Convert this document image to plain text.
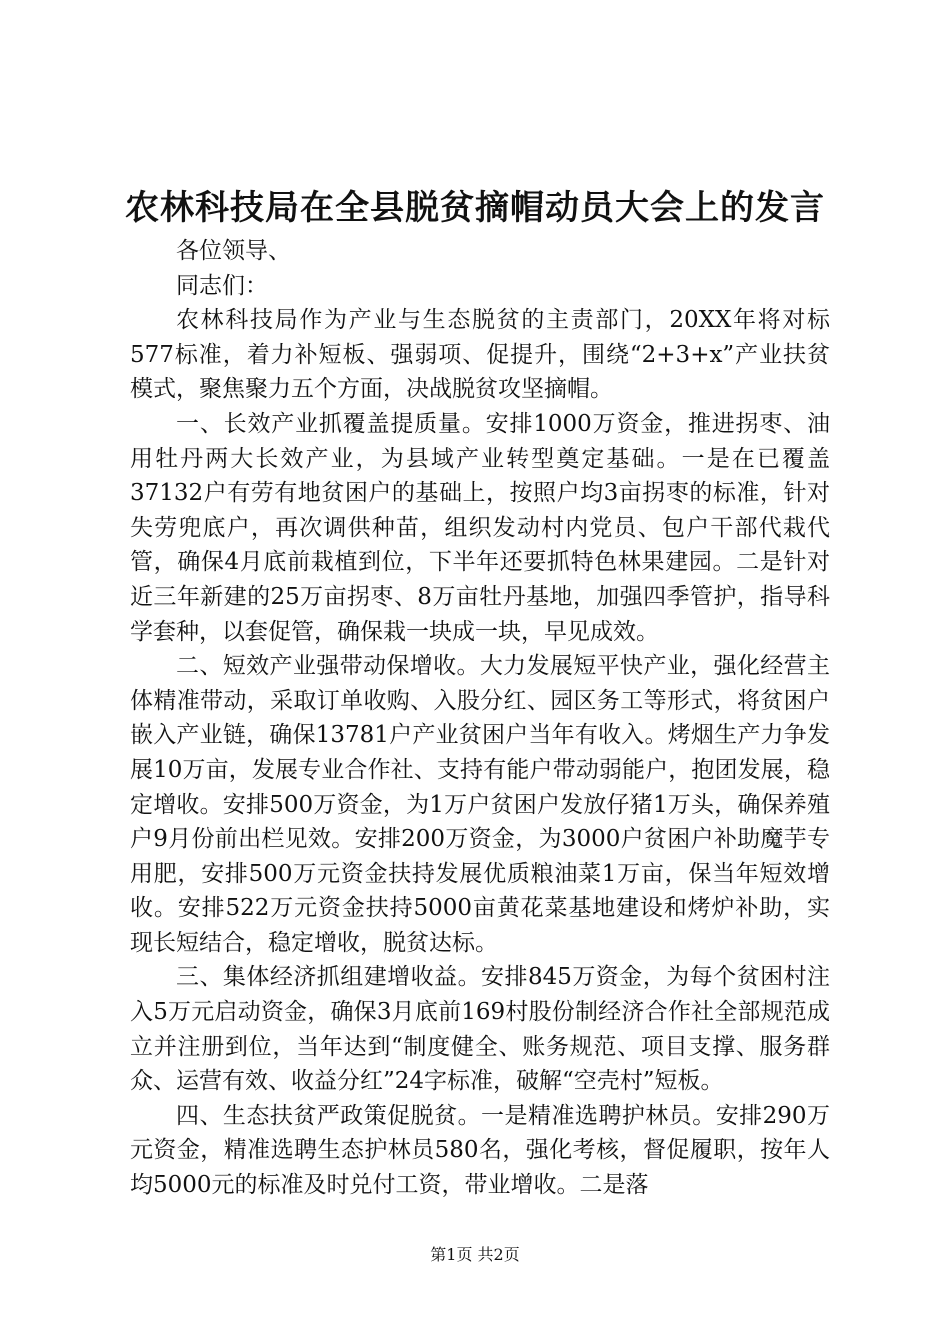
农林科技局在全县脱贫摘帽动员大会上的发言

各位领导、

同志们：

农林科技局作为产业与生态脱贫的主责部门，20XX年将对标577标准，着力补短板、强弱项、促提升，围绕“2+3+x”产业扶贫模式，聚焦聚力五个方面，决战脱贫攻坚摘帽。

一、长效产业抓覆盖提质量。安排1000万资金，推进拐枣、油用牡丹两大长效产业，为县域产业转型奠定基础。一是在已覆盖37132户有劳有地贫困户的基础上，按照户均3亩拐枣的标准，针对失劳兜底户，再次调供种苗，组织发动村内党员、包户干部代栽代管，确保4月底前栽植到位，下半年还要抓特色林果建园。二是针对近三年新建的25万亩拐枣、8万亩牡丹基地，加强四季管护，指导科学套种，以套促管，确保栽一块成一块，早见成效。

二、短效产业强带动保增收。大力发展短平快产业，强化经营主体精准带动，采取订单收购、入股分红、园区务工等形式，将贫困户嵌入产业链，确保13781户产业贫困户当年有收入。烤烟生产力争发展10万亩，发展专业合作社、支持有能户带动弱能户，抱团发展，稳定增收。安排500万资金，为1万户贫困户发放仔猪1万头，确保养殖户9月份前出栏见效。安排200万资金，为3000户贫困户补助魔芋专用肥，安排500万元资金扶持发展优质粮油菜1万亩，保当年短效增收。安排522万元资金扶持5000亩黄花菜基地建设和烤炉补助，实现长短结合，稳定增收，脱贫达标。

三、集体经济抓组建增收益。安排845万资金，为每个贫困村注入5万元启动资金，确保3月底前169村股份制经济合作社全部规范成立并注册到位，当年达到“制度健全、账务规范、项目支撑、服务群众、运营有效、收益分红”24字标准，破解“空壳村”短板。

四、生态扶贫严政策促脱贫。一是精准选聘护林员。安排290万元资金，精准选聘生态护林员580名，强化考核，督促履职，按年人均5000元的标准及时兑付工资，带业增收。二是落

第1页 共2页
